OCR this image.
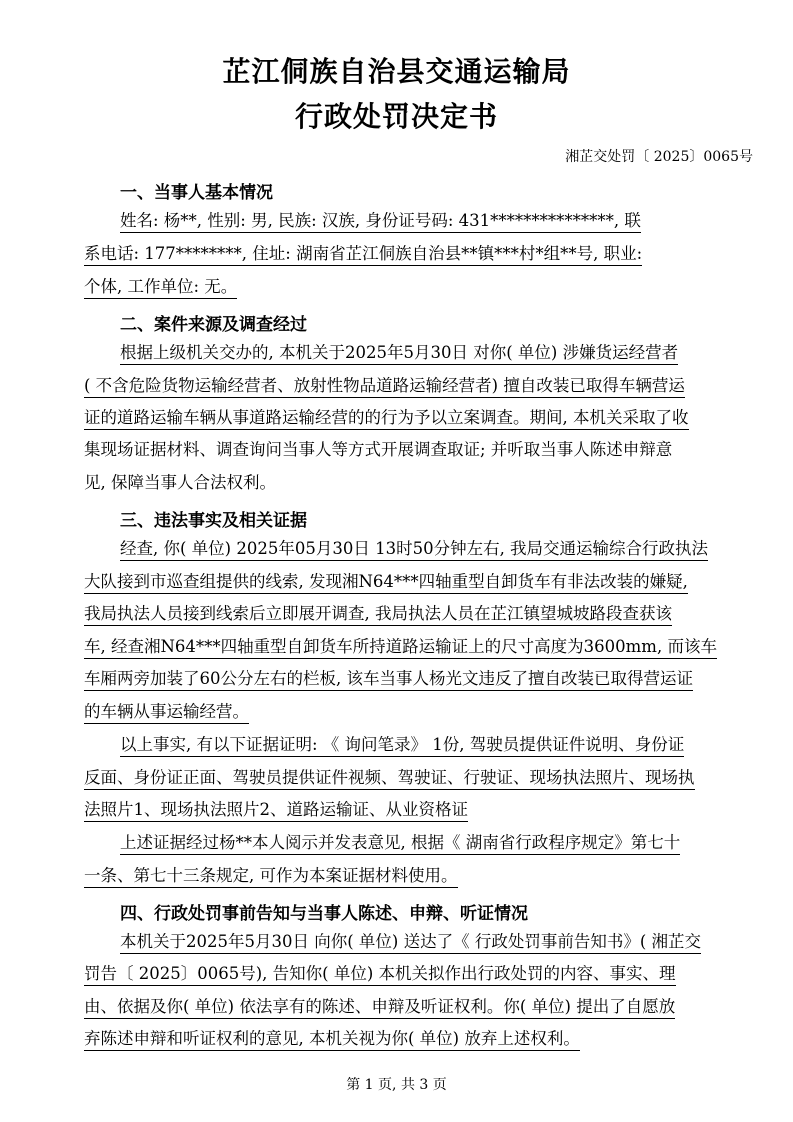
芷江侗族自治县交通运输局
行政处罚决定书
湘芷交处罚〔 2025〕0065号
一、当事人基本情况
姓名: 杨**, 性别: 男, 民族: 汉族, 身份证号码: 431***************, 联
系电话: 177********, 住址: 湖南省芷江侗族自治县**镇***村*组**号, 职业:
个体, 工作单位: 无。
二、案件来源及调查经过
根据上级机关交办的, 本机关于2025年5月30日 对你( 单位) 涉嫌货运经营者
( 不含危险货物运输经营者、放射性物品道路运输经营者) 擅自改装已取得车辆营运
证的道路运输车辆从事道路运输经营的的行为予以立案调查。期间, 本机关采取了收
集现场证据材料、调查询问当事人等方式开展调查取证; 并听取当事人陈述申辩意
见, 保障当事人合法权利。
三、违法事实及相关证据
经查, 你( 单位) 2025年05月30日 13时50分钟左右, 我局交通运输综合行政执法
大队接到市巡查组提供的线索, 发现湘N64***四轴重型自卸货车有非法改装的嫌疑,
我局执法人员接到线索后立即展开调查, 我局执法人员在芷江镇望城坡路段查获该
车, 经查湘N64***四轴重型自卸货车所持道路运输证上的尺寸高度为3600mm, 而该车
车厢两旁加装了60公分左右的栏板, 该车当事人杨光文违反了擅自改装已取得营运证
的车辆从事运输经营。
以上事实, 有以下证据证明: 《 询问笔录》 1份, 驾驶员提供证件说明、身份证
反面、身份证正面、驾驶员提供证件视频、驾驶证、行驶证、现场执法照片、现场执
法照片1、现场执法照片2、道路运输证、从业资格证
上述证据经过杨**本人阅示并发表意见, 根据《 湖南省行政程序规定》第七十
一条、第七十三条规定, 可作为本案证据材料使用。
四、行政处罚事前告知与当事人陈述、申辩、听证情况
本机关于2025年5月30日 向你( 单位) 送达了《 行政处罚事前告知书》( 湘芷交
罚告〔 2025〕0065号), 告知你( 单位) 本机关拟作出行政处罚的内容、事实、理
由、依据及你( 单位) 依法享有的陈述、申辩及听证权利。你( 单位) 提出了自愿放
弃陈述申辩和听证权利的意见, 本机关视为你( 单位) 放弃上述权利。
第 1 页, 共 3 页
